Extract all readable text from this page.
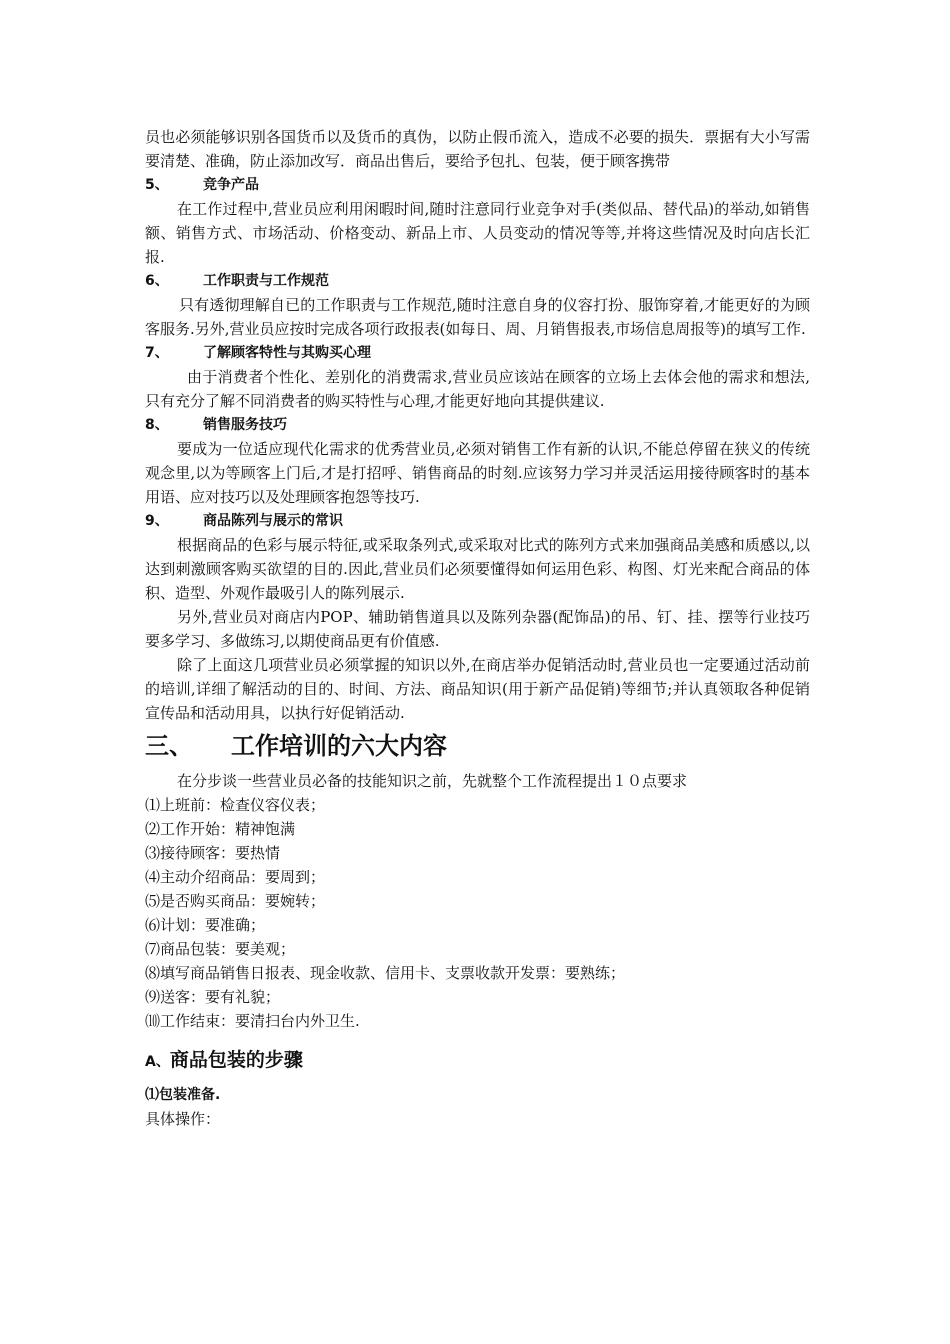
员也必须能够识别各国货币以及货币的真伪，以防止假币流入，造成不必要的损失．票据有大小写需要清楚、准确，防止添加改写．商品出售后，要给予包扎、包装，便于顾客携带

5、 竞争产品

在工作过程中,营业员应利用闲暇时间,随时注意同行业竞争对手(类似品、替代品)的举动,如销售额、销售方式、市场活动、价格变动、新品上市、人员变动的情况等等,并将这些情况及时向店长汇报.

6、 工作职责与工作规范

只有透彻理解自已的工作职责与工作规范,随时注意自身的仪容打扮、服饰穿着,才能更好的为顾客服务.另外,营业员应按时完成各项行政报表(如每日、周、月销售报表,市场信息周报等)的填写工作.

7、 了解顾客特性与其购买心理

由于消费者个性化、差别化的消费需求,营业员应该站在顾客的立场上去体会他的需求和想法,只有充分了解不同消费者的购买特性与心理,才能更好地向其提供建议.

8、 销售服务技巧

要成为一位适应现代化需求的优秀营业员,必须对销售工作有新的认识,不能总停留在狭义的传统观念里,以为等顾客上门后,才是打招呼、销售商品的时刻.应该努力学习并灵活运用接待顾客时的基本用语、应对技巧以及处理顾客抱怨等技巧.

9、 商品陈列与展示的常识

根据商品的色彩与展示特征,或采取条列式,或采取对比式的陈列方式来加强商品美感和质感以,以达到刺激顾客购买欲望的目的.因此,营业员们必须要懂得如何运用色彩、构图、灯光来配合商品的体积、造型、外观作最吸引人的陈列展示.

另外,营业员对商店内POP、辅助销售道具以及陈列杂器(配饰品)的吊、钉、挂、摆等行业技巧要多学习、多做练习,以期使商品更有价值感.

除了上面这几项营业员必须掌握的知识以外,在商店举办促销活动时,营业员也一定要通过活动前的培训,详细了解活动的目的、时间、方法、商品知识(用于新产品促销)等细节;并认真领取各种促销宣传品和活动用具，以执行好促销活动.

三、 工作培训的六大内容

在分步谈一些营业员必备的技能知识之前，先就整个工作流程提出１０点要求

⑴上班前：检查仪容仪表；

⑵工作开始：精神饱满

⑶接待顾客：要热情

⑷主动介绍商品：要周到；

⑸是否购买商品：要婉转；

⑹计划：要准确；

⑺商品包装：要美观；

⑻填写商品销售日报表、现金收款、信用卡、支票收款开发票：要熟练；

⑼送客：要有礼貌；

⑽工作结束：要清扫台内外卫生.

A、商品包装的步骤
⑴包装准备.

具体操作：
